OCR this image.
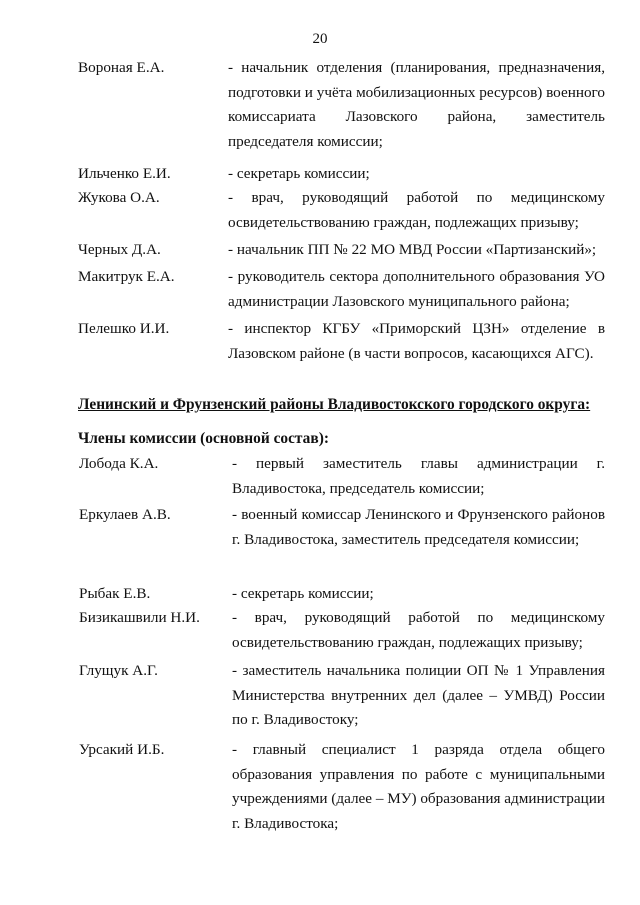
20
Вороная Е.А.	- начальник отделения (планирования, предназначения, подготовки и учёта мобилизационных ресурсов) военного комиссариата Лазовского района, заместитель председателя комиссии;
Ильченко Е.И.	- секретарь комиссии;
Жукова О.А.	- врач, руководящий работой по медицинскому освидетельствованию граждан, подлежащих призыву;
Черных Д.А.	- начальник ПП № 22 МО МВД России «Партизанский»;
Макитрук Е.А.	- руководитель сектора дополнительного образования УО администрации Лазовского муниципального района;
Пелешко И.И.	- инспектор КГБУ «Приморский ЦЗН» отделение в Лазовском районе (в части вопросов, касающихся АГС).
Ленинский и Фрунзенский районы Владивостокского городского округа:
Члены комиссии (основной состав):
Лобода К.А.	- первый заместитель главы администрации г. Владивостока, председатель комиссии;
Еркулаев А.В.	- военный комиссар Ленинского и Фрунзенского районов г. Владивостока, заместитель председателя комиссии;
Рыбак Е.В.	- секретарь комиссии;
Бизикашвили Н.И. - врач, руководящий работой по медицинскому освидетельствованию граждан, подлежащих призыву;
Глущук А.Г.	- заместитель начальника полиции ОП № 1 Управления Министерства внутренних дел (далее – УМВД) России по г. Владивостоку;
Урсакий И.Б.	- главный специалист 1 разряда отдела общего образования управления по работе с муниципальными учреждениями (далее – МУ) образования администрации г. Владивостока;
